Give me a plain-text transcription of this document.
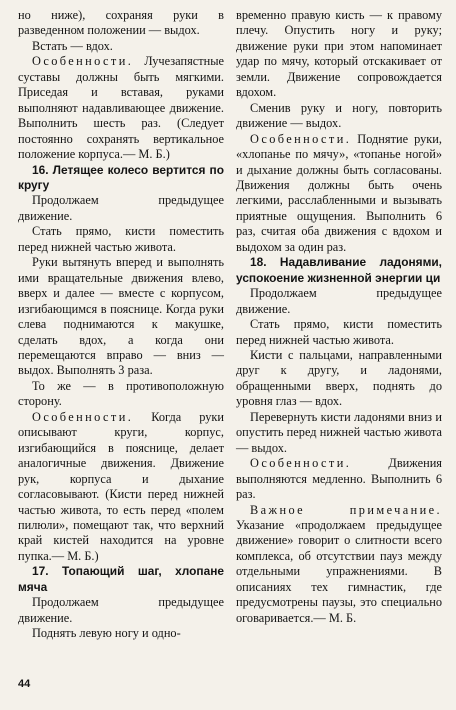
но ниже), сохраняя руки в разведенном положении — выдох.

Встать — вдох.

Особенности. Лучезапястные суставы должны быть мягкими. Приседая и вставая, руками выполняют надавливающее движение. Выполнить шесть раз. (Следует постоянно сохранять вертикальное положение корпуса.— М. Б.)

16. Летящее колесо вертится по кругу

Продолжаем предыдущее движение.

Стать прямо, кисти поместить перед нижней частью живота.

Руки вытянуть вперед и выполнять ими вращательные движения влево, вверх и далее — вместе с корпусом, изгибающимся в пояснице. Когда руки слева поднимаются к макушке, сделать вдох, а когда они перемещаются вправо — вниз — выдох. Выполнять 3 раза.

То же — в противоположную сторону.

Особенности. Когда руки описывают круги, корпус, изгибающийся в пояснице, делает аналогичные движения. Движение рук, корпуса и дыхание согласовывают. (Кисти перед нижней частью живота, то есть перед «полем пилюли», помещают так, что верхний край кистей находится на уровне пупка.— М. Б.)

17. Топающий шаг, хлопане мяча

Продолжаем предыдущее движение.

Поднять левую ногу и одно-

временно правую кисть — к правому плечу. Опустить ногу и руку; движение руки при этом напоминает удар по мячу, который отскакивает от земли. Движение сопровождается вдохом.

Сменив руку и ногу, повторить движение — выдох.

Особенности. Поднятие руки, «хлопанье по мячу», «топанье ногой» и дыхание должны быть согласованы. Движения должны быть очень легкими, расслабленными и вызывать приятные ощущения. Выполнить 6 раз, считая оба движения с вдохом и выдохом за один раз.

18. Надавливание ладонями, успокоение жизненной энергии ци

Продолжаем предыдущее движение.

Стать прямо, кисти поместить перед нижней частью живота.

Кисти с пальцами, направленными друг к другу, и ладонями, обращенными вверх, поднять до уровня глаз — вдох.

Перевернуть кисти ладонями вниз и опустить перед нижней частью живота — выдох.

Особенности. Движения выполняются медленно. Выполнить 6 раз.

Важное примечание. Указание «продолжаем предыдущее движение» говорит о слитности всего комплекса, об отсутствии пауз между отдельными упражнениями. В описаниях тех гимнастик, где предусмотрены паузы, это специально оговаривается.— М. Б.

44
